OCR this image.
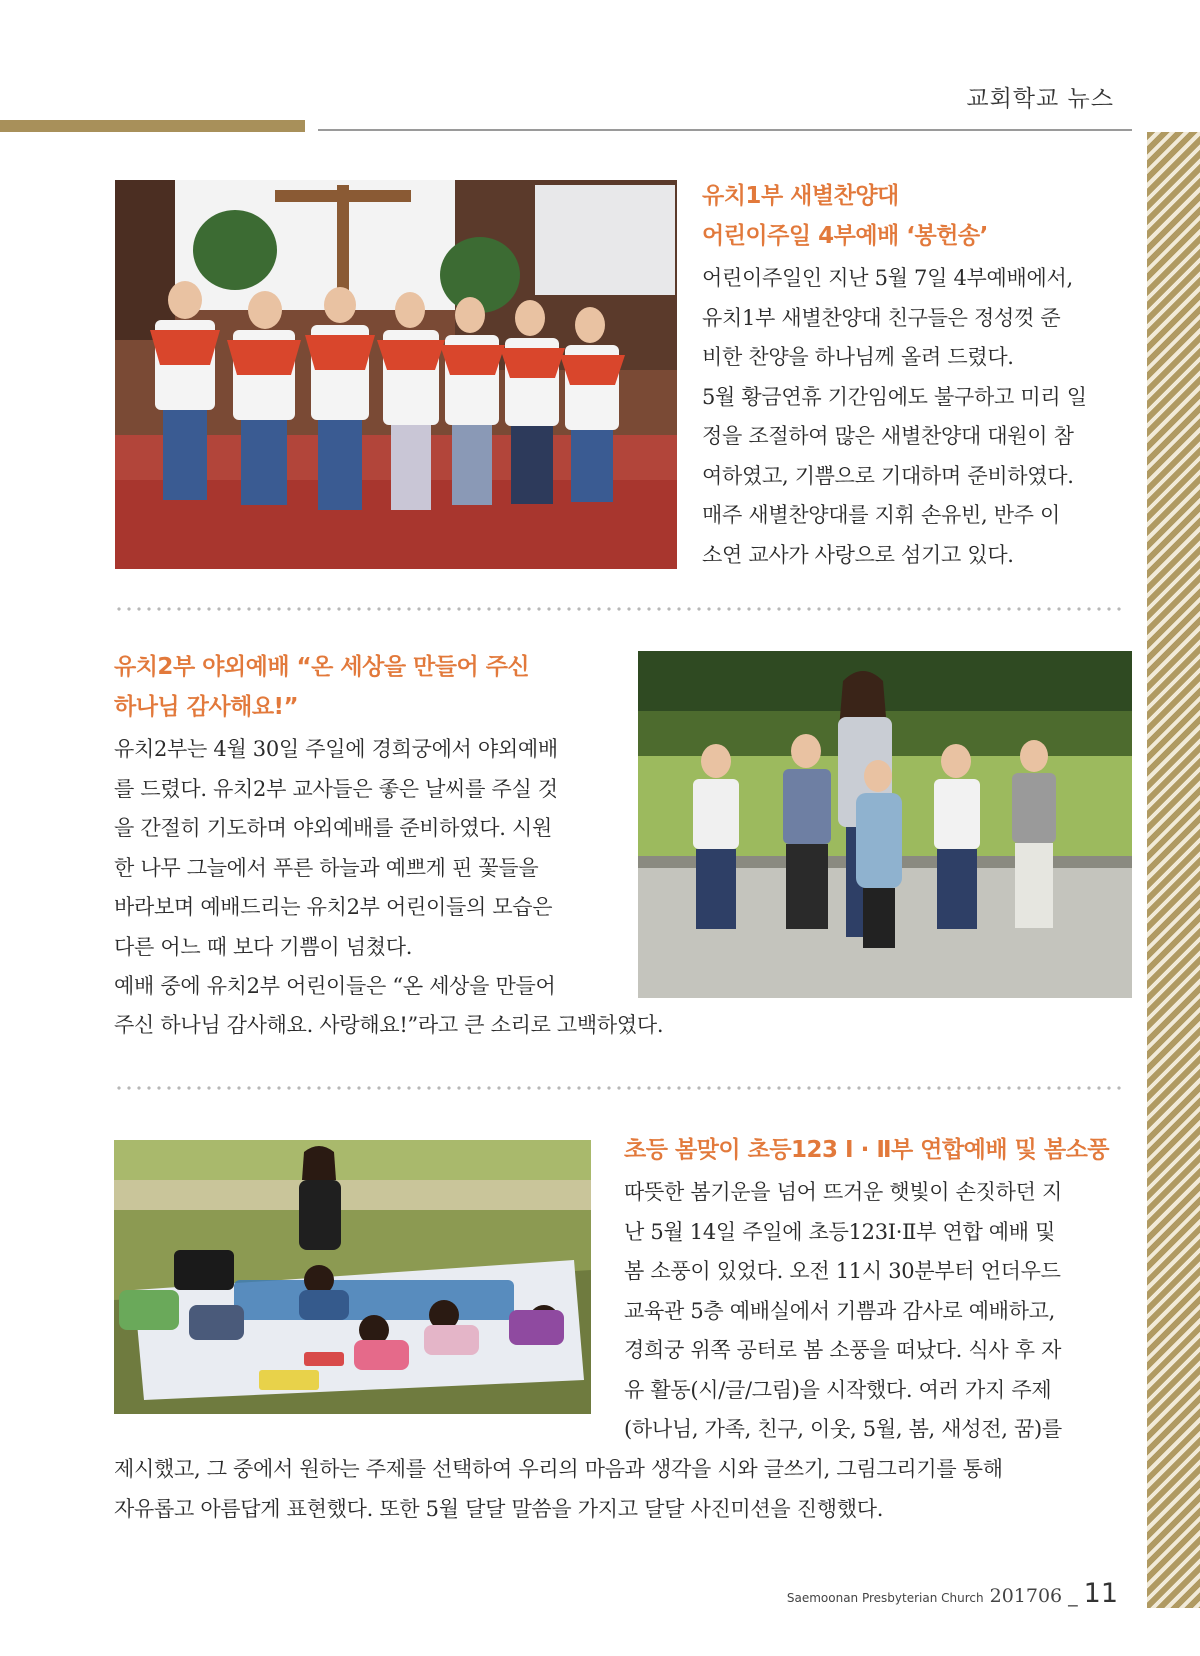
교회학교 뉴스
유치1부 새별찬양대
어린이주일 4부예배 ‘봉헌송’
어린이주일인 지난 5월 7일 4부예배에서,
유치1부 새별찬양대 친구들은 정성껏 준
비한 찬양을 하나님께 올려 드렸다.
5월 황금연휴 기간임에도 불구하고 미리 일
정을 조절하여 많은 새별찬양대 대원이 참
여하였고, 기쁨으로 기대하며 준비하였다.
매주 새별찬양대를 지휘 손유빈, 반주 이
소연 교사가 사랑으로 섬기고 있다.
유치2부 야외예배 “온 세상을 만들어 주신
하나님 감사해요!”
유치2부는 4월 30일 주일에 경희궁에서 야외예배
를 드렸다. 유치2부 교사들은 좋은 날씨를 주실 것
을 간절히 기도하며 야외예배를 준비하였다. 시원
한 나무 그늘에서 푸른 하늘과 예쁘게 핀 꽃들을
바라보며 예배드리는 유치2부 어린이들의 모습은
다른 어느 때 보다 기쁨이 넘쳤다.
예배 중에 유치2부 어린이들은 “온 세상을 만들어
주신 하나님 감사해요. 사랑해요!”라고 큰 소리로 고백하였다.
초등 봄맞이 초등123 Ⅰ · Ⅱ부 연합예배 및 봄소풍
따뜻한 봄기운을 넘어 뜨거운 햇빛이 손짓하던 지
난 5월 14일 주일에 초등123Ⅰ·Ⅱ부 연합 예배 및
봄 소풍이 있었다. 오전 11시 30분부터 언더우드
교육관 5층 예배실에서 기쁨과 감사로 예배하고,
경희궁 위쪽 공터로 봄 소풍을 떠났다. 식사 후 자
유 활동(시/글/그림)을 시작했다. 여러 가지 주제
(하나님, 가족, 친구, 이웃, 5월, 봄, 새성전, 꿈)를
제시했고, 그 중에서 원하는 주제를 선택하여 우리의 마음과 생각을 시와 글쓰기, 그림그리기를 통해
자유롭고 아름답게 표현했다. 또한 5월 달달 말씀을 가지고 달달 사진미션을 진행했다.
Saemoonan Presbyterian Church 201706 _ 11
